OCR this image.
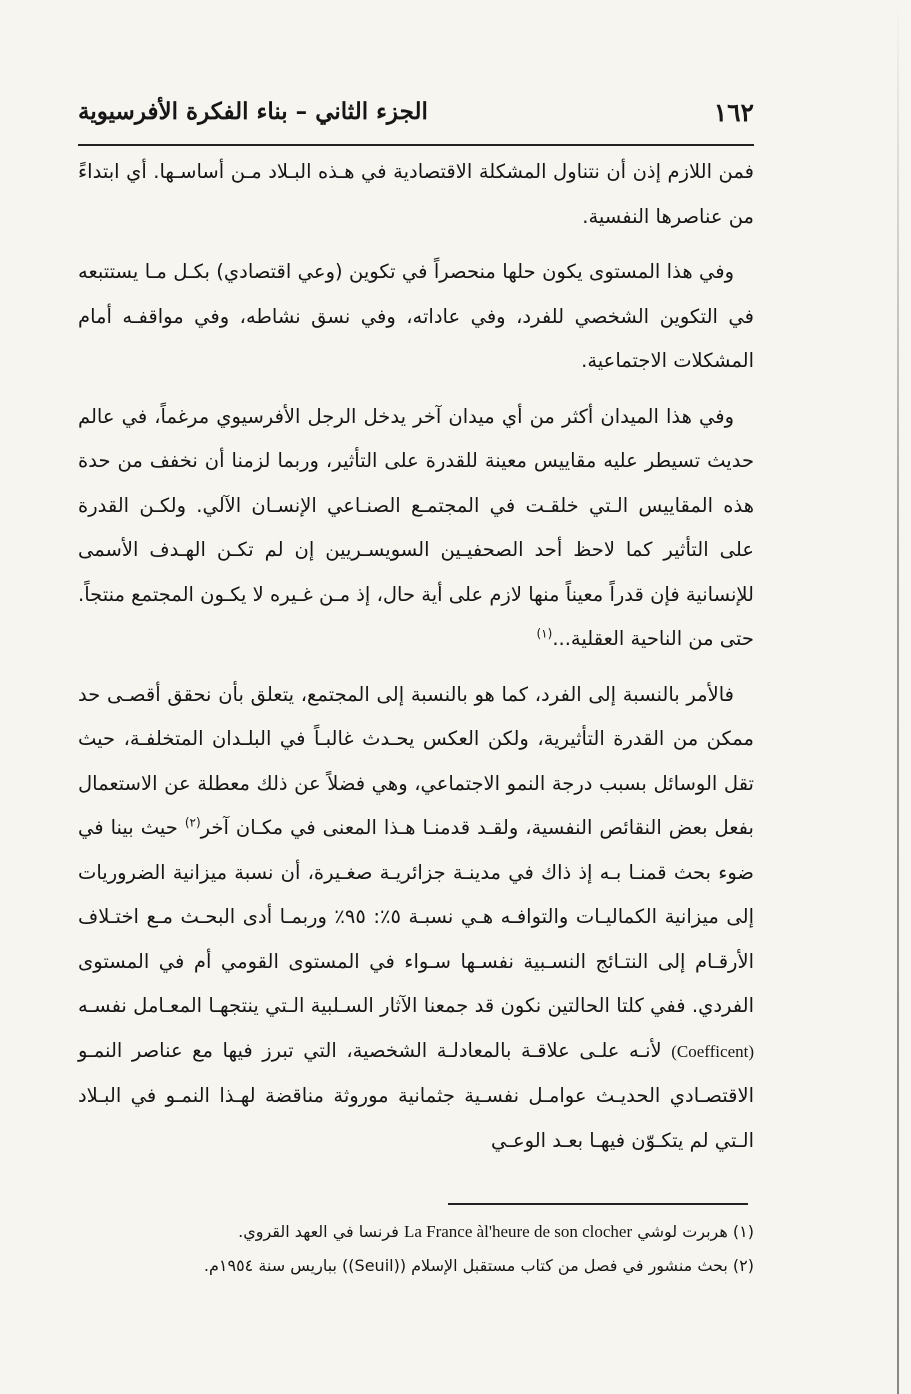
١٦٢
الجزء الثاني – بناء الفكرة الأفرسيوية

فمن اللازم إذن أن نتناول المشكلة الاقتصادية في هـذه البـلاد مـن أساسـها. أي ابتداءً من عناصرها النفسية.

وفي هذا المستوى يكون حلها منحصراً في تكوين (وعي اقتصادي) بكـل مـا يستتبعه في التكوين الشخصي للفرد، وفي عاداته، وفي نسق نشاطه، وفي مواقفـه أمام المشكلات الاجتماعية.

وفي هذا الميدان أكثر من أي ميدان آخر يدخل الرجل الأفرسيوي مرغماً، في عالم حديث تسيطر عليه مقاييس معينة للقدرة على التأثير، وربما لزمنا أن نخفف من حدة هذه المقاييس الـتي خلقـت في المجتمـع الصنـاعي الإنسـان الآلي. ولكـن القدرة على التأثير كما لاحظ أحد الصحفيـين السويسـريين إن لم تكـن الهـدف الأسمى للإنسانية فإن قدراً معيناً منها لازم على أية حال، إذ مـن غـيره لا يكـون المجتمع منتجاً. حتى من الناحية العقلية...$^{(١)}$

فالأمر بالنسبة إلى الفرد، كما هو بالنسبة إلى المجتمع، يتعلق بأن نحقق أقصـى حد ممكن من القدرة التأثيرية، ولكن العكس يحـدث غالبـاً في البلـدان المتخلفـة، حيث تقل الوسائل بسبب درجة النمو الاجتماعي، وهي فضلاً عن ذلك معطلة عن الاستعمال بفعل بعض النقائص النفسية، ولقـد قدمنـا هـذا المعنى في مكـان آخر$^{(٢)}$ حيث بينا في ضوء بحث قمنـا بـه إذ ذاك في مدينـة جزائريـة صغـيرة، أن نسبة ميزانية الضروريات إلى ميزانية الكماليـات والتوافـه هـي نسبـة ٥٪: ٩٥٪ وربمـا أدى البحـث مـع اختـلاف الأرقـام إلى النتـائج النسـبية نفسـها سـواء في المستوى القومي أم في المستوى الفردي. ففي كلتا الحالتين نكون قد جمعنا الآثار السـلبية الـتي ينتجهـا المعـامل نفسـه (Coefficent) لأنـه علـى علاقـة بالمعادلـة الشخصية، التي تبرز فيها مع عناصر النمـو الاقتصـادي الحديـث عوامـل نفسـية جثمانية موروثة مناقضة لهـذا النمـو في البـلاد الـتي لم يتكـوّن فيهـا بعـد الوعـي

(١) هربرت لوشي La France àl'heure de son clocher فرنسا في العهد القروي.
(٢) بحث منشور في فصل من كتاب مستقبل الإسلام ((Seuil)) بباريس سنة ١٩٥٤م.
